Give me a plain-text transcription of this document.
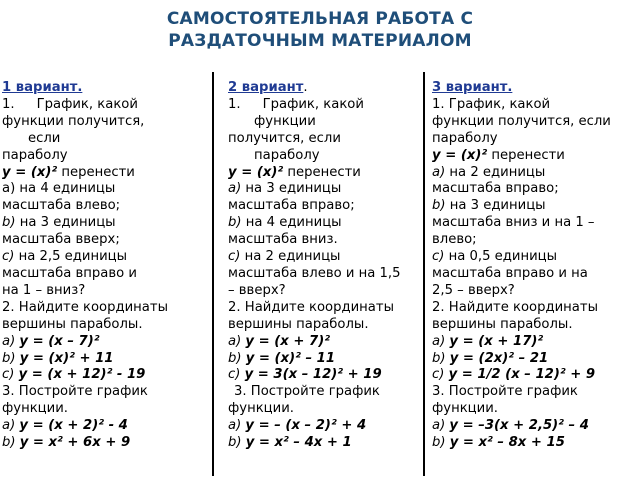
САМОСТОЯТЕЛЬНАЯ РАБОТА С
РАЗДАТОЧНЫМ МАТЕРИАЛОМ
1 вариант.
1. График, какой
функции получится,
если
параболу
y = (x)² перенести
a) на 4 единицы
масштаба влево;
b) на 3 единицы
масштаба вверх;
c) на 2,5 единицы
масштаба вправо и
на 1 – вниз?
2. Найдите координаты
вершины параболы.
a) y = (x – 7)²
b) y = (x)² + 11
c) y = (x + 12)² - 19
3. Постройте график
функции.
a) y = (x + 2)² - 4
b) y = x² + 6x + 9
2 вариант.
1. График, какой
функции
получится, если
параболу
y = (x)² перенести
a) на 3 единицы
масштаба вправо;
b) на 4 единицы
масштаба вниз.
c) на 2 единицы
масштаба влево и на 1,5
– вверх?
2. Найдите координаты
вершины параболы.
a) y = (x + 7)²
b) y = (x)² – 11
c) y = 3(x – 12)² + 19
3. Постройте график
функции.
a) y = – (x – 2)² + 4
b) y = x² – 4x + 1
3 вариант.
1. График, какой
функции получится, если
параболу
y = (x)² перенести
a) на 2 единицы
масштаба вправо;
b) на 3 единицы
масштаба вниз и на 1 –
влево;
c) на 0,5 единицы
масштаба вправо и на
2,5 – вверх?
2. Найдите координаты
вершины параболы.
a) y = (x + 17)²
b) y = (2x)² – 21
c) y = 1/2 (x – 12)² + 9
3. Постройте график
функции.
a) y = –3(x + 2,5)² – 4
b) y = x² – 8x + 15
